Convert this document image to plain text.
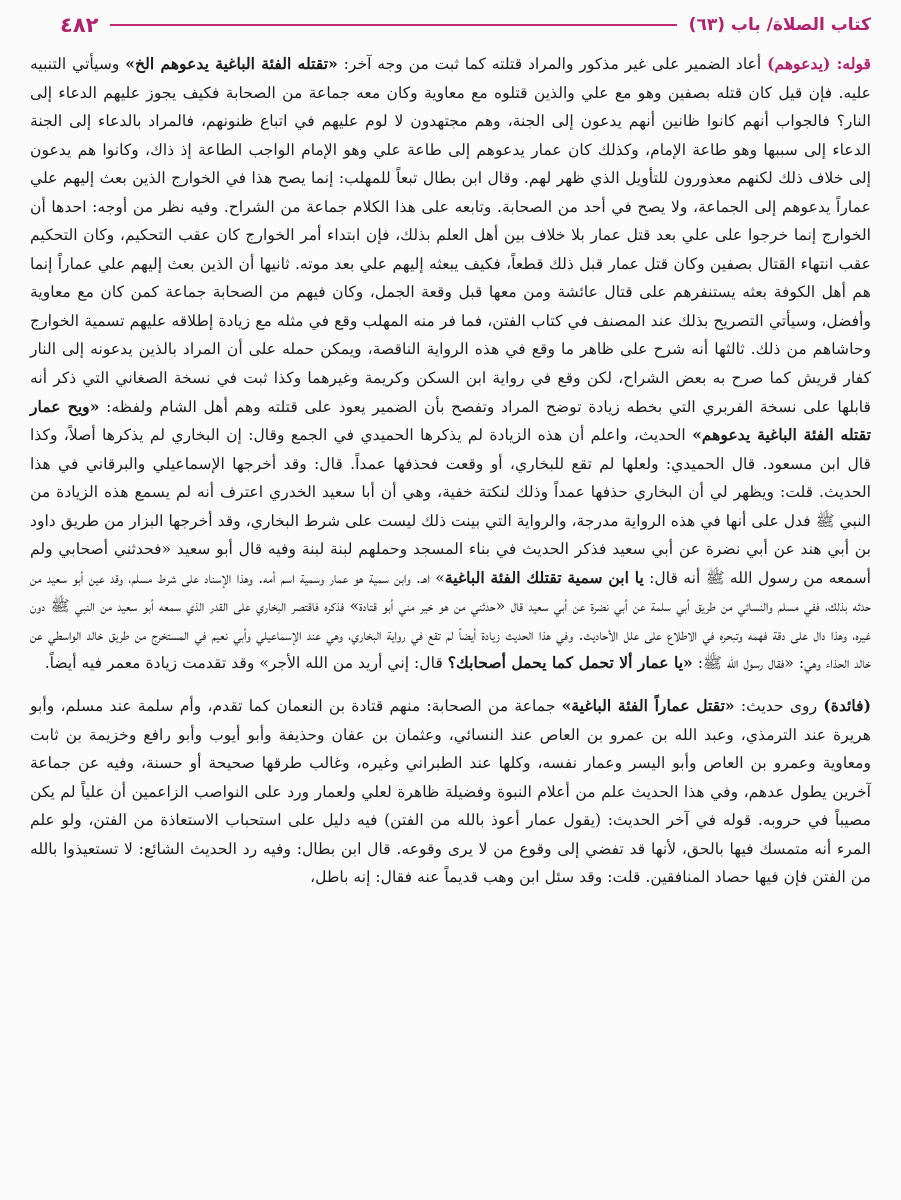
٤٨٢	كتاب الصلاة/ باب (٦٣)

قوله: (يدعوهم) أعاد الضمير على غير مذكور والمراد قتلته كما ثبت من وجه آخر: «تقتله الفئة الباغية يدعوهم الخ» وسيأتي التنبيه عليه. فإن قيل كان قتله بصفين وهو مع علي والذين قتلوه مع معاوية وكان معه جماعة من الصحابة فكيف يجوز عليهم الدعاء إلى النار؟ فالجواب أنهم كانوا ظانين أنهم يدعون إلى الجنة، وهم مجتهدون لا لوم عليهم في اتباع ظنونهم، فالمراد بالدعاء إلى الجنة الدعاء إلى سببها وهو طاعة الإمام، وكذلك كان عمار يدعوهم إلى طاعة علي وهو الإمام الواجب الطاعة إذ ذاك، وكانوا هم يدعون إلى خلاف ذلك لكنهم معذورون للتأويل الذي ظهر لهم. وقال ابن بطال تبعاً للمهلب: إنما يصح هذا في الخوارج الذين بعث إليهم علي عماراً يدعوهم إلى الجماعة، ولا يصح في أحد من الصحابة. وتابعه على هذا الكلام جماعة من الشراح. وفيه نظر من أوجه: احدها أن الخوارج إنما خرجوا على علي بعد قتل عمار بلا خلاف بين أهل العلم بذلك، فإن ابتداء أمر الخوارج كان عقب التحكيم، وكان التحكيم عقب انتهاء القتال بصفين وكان قتل عمار قبل ذلك قطعاً، فكيف يبعثه إليهم علي بعد موته. ثانيها أن الذين بعث إليهم علي عماراً إنما هم أهل الكوفة بعثه يستنفرهم على قتال عائشة ومن معها قبل وقعة الجمل، وكان فيهم من الصحابة جماعة كمن كان مع معاوية وأفضل، وسيأتي التصريح بذلك عند المصنف في كتاب الفتن، فما فر منه المهلب وقع في مثله مع زيادة إطلاقه عليهم تسمية الخوارج وحاشاهم من ذلك. ثالثها أنه شرح على ظاهر ما وقع في هذه الرواية الناقصة، ويمكن حمله على أن المراد بالذين يدعونه إلى النار كفار قريش كما صرح به بعض الشراح، لكن وقع في رواية ابن السكن وكريمة وغيرهما وكذا ثبت في نسخة الصغاني التي ذكر أنه قابلها على نسخة الفربري التي بخطه زيادة توضح المراد وتفصح بأن الضمير يعود على قتلته وهم أهل الشام ولفظه: «ويح عمار تقتله الفئة الباغية يدعوهم» الحديث، واعلم أن هذه الزيادة لم يذكرها الحميدي في الجمع وقال: إن البخاري لم يذكرها أصلاً، وكذا قال ابن مسعود. قال الحميدي: ولعلها لم تقع للبخاري، أو وقعت فحذفها عمداً. قال: وقد أخرجها الإسماعيلي والبرقاني في هذا الحديث. قلت: ويظهر لي أن البخاري حذفها عمداً وذلك لنكتة خفية، وهي أن أبا سعيد الخدري اعترف أنه لم يسمع هذه الزيادة من النبي ﷺ فدل على أنها في هذه الرواية مدرجة، والرواية التي بينت ذلك ليست على شرط البخاري، وقد أخرجها البزار من طريق داود بن أبي هند عن أبي نضرة عن أبي سعيد فذكر الحديث في بناء المسجد وحملهم لبنة لبنة وفيه قال أبو سعيد «فحدثني أصحابي ولم أسمعه من رسول الله ﷺ أنه قال: يا ابن سمية تقتلك الفئة الباغية» اهـ. وابن سمية هو عمار وسمية اسم أمه. وهذا الإسناد على شرط مسلم، وقد عين أبو سعيد من حدثه بذلك، ففي مسلم والنسائي من طريق أبي سلمة عن أبي نضرة عن أبي سعيد قال «حدثني من هو خير مني أبو قتادة» فذكره فاقتصر البخاري على القدر الذي سمعه أبو سعيد من النبي ﷺ دون غيره، وهذا دال على دقة فهمه وتبحره في الاطلاع على علل الأحاديث. وفي هذا الحديث زيادة أيضاً لم تقع في رواية البخاري، وهي عند الإسماعيلي وأبي نعيم في المستخرج من طريق خالد الواسطي عن خالد الحذاء وهي: «فقال رسول الله ﷺ: «يا عمار ألا تحمل كما يحمل أصحابك؟ قال: إني أريد من الله الأجر» وقد تقدمت زيادة معمر فيه أيضاً.

(فائدة) روى حديث: «تقتل عماراً الفئة الباغية» جماعة من الصحابة: منهم قتادة بن النعمان كما تقدم، وأم سلمة عند مسلم، وأبو هريرة عند الترمذي، وعبد الله بن عمرو بن العاص عند النسائي، وعثمان بن عفان وحذيفة وأبو أيوب وأبو رافع وخزيمة بن ثابت ومعاوية وعمرو بن العاص وأبو اليسر وعمار نفسه، وكلها عند الطبراني وغيره، وغالب طرقها صحيحة أو حسنة، وفيه عن جماعة آخرين يطول عدهم، وفي هذا الحديث علم من أعلام النبوة وفضيلة ظاهرة لعلي ولعمار ورد على النواصب الزاعمين أن علياً لم يكن مصيباً في حروبه. قوله في آخر الحديث: (يقول عمار أعوذ بالله من الفتن) فيه دليل على استحباب الاستعاذة من الفتن، ولو علم المرء أنه متمسك فيها بالحق، لأنها قد تفضي إلى وقوع من لا يرى وقوعه. قال ابن بطال: وفيه رد الحديث الشائع: لا تستعيذوا بالله من الفتن فإن فيها حصاد المنافقين. قلت: وقد سئل ابن وهب قديماً عنه فقال: إنه باطل،
